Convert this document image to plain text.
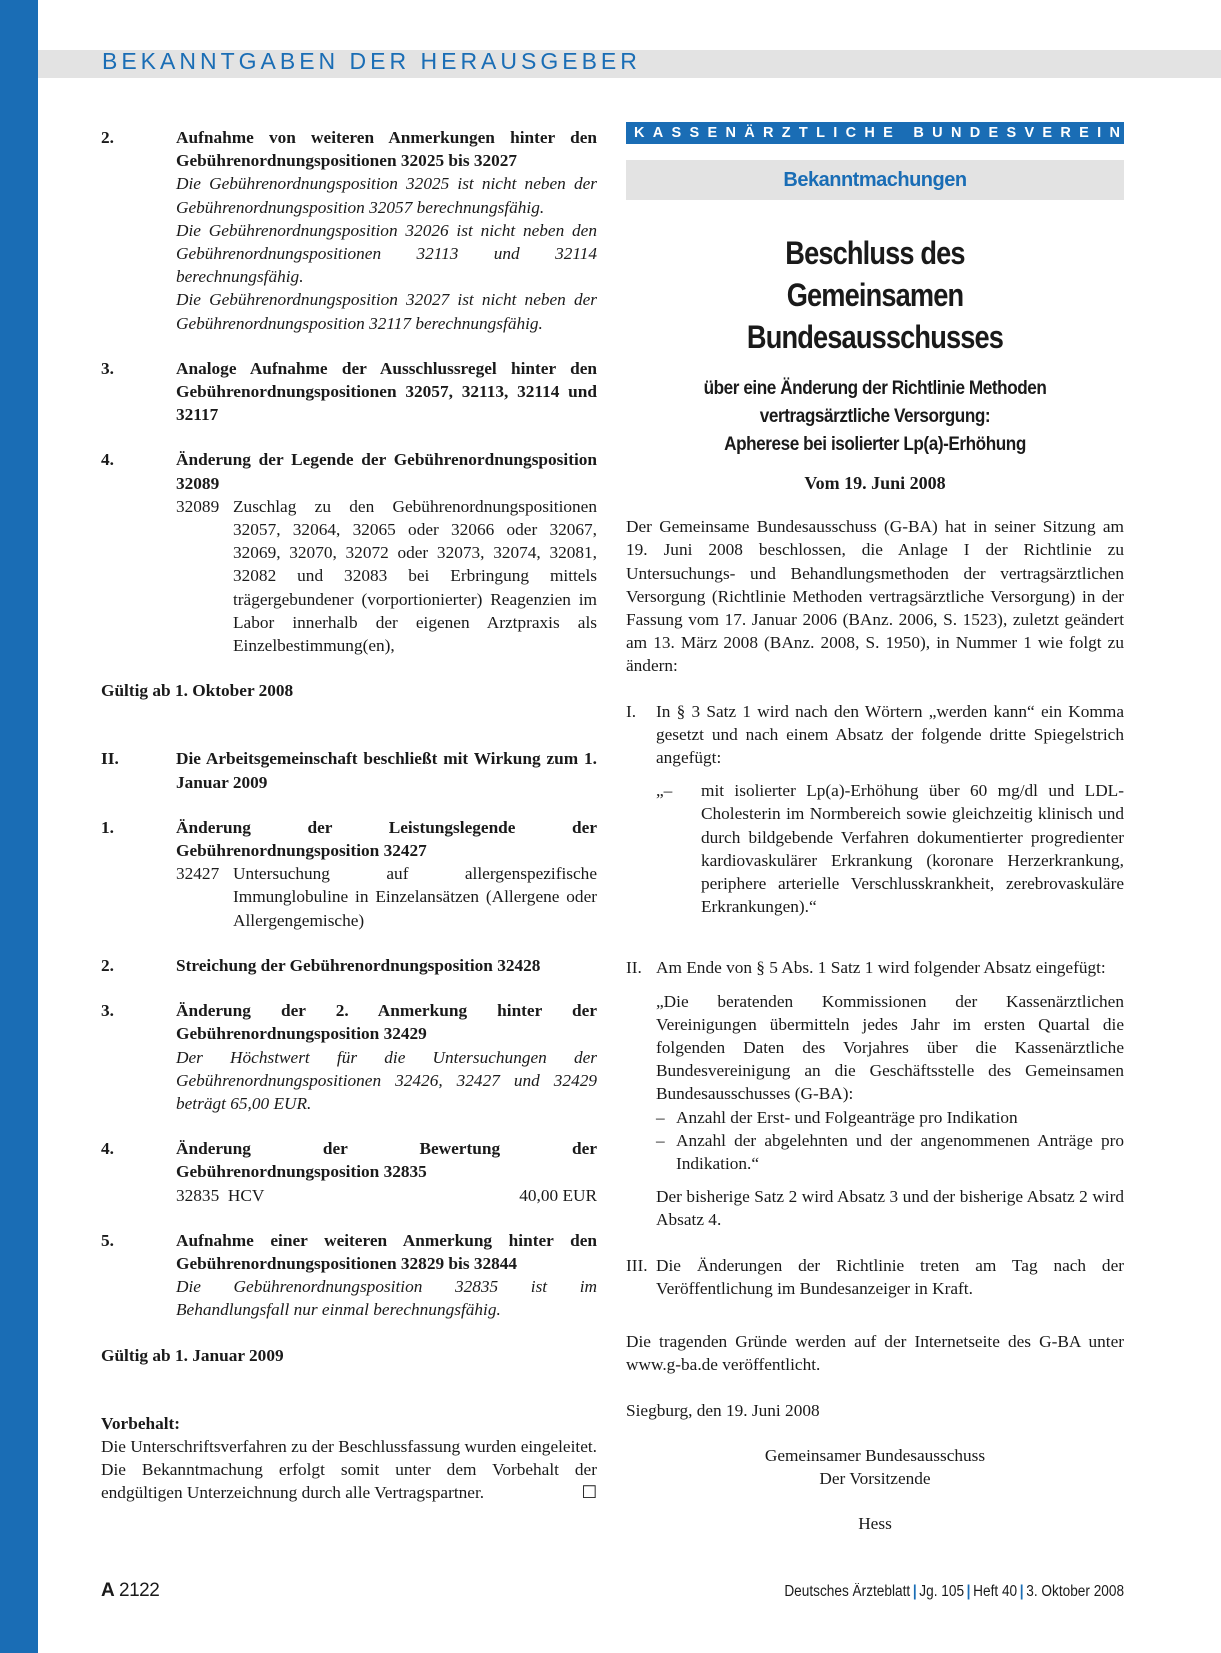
BEKANNTGABEN DER HERAUSGEBER
2.	Aufnahme von weiteren Anmerkungen hinter den Gebührenordnungspositionen 32025 bis 32027

Die Gebührenordnungsposition 32025 ist nicht neben der Gebührenordnungsposition 32057 berechnungsfähig.

Die Gebührenordnungsposition 32026 ist nicht neben den Gebührenordnungspositionen 32113 und 32114 berechnungsfähig.

Die Gebührenordnungsposition 32027 ist nicht neben der Gebührenordnungsposition 32117 berechnungsfähig.

3.	Analoge Aufnahme der Ausschlussregel hinter den Gebührenordnungspositionen 32057, 32113, 32114 und 32117

4.	Änderung der Legende der Gebührenordnungsposition 32089

32089 Zuschlag zu den Gebührenordnungspositionen 32057, 32064, 32065 oder 32066 oder 32067, 32069, 32070, 32072 oder 32073, 32074, 32081, 32082 und 32083 bei Erbringung mittels trägergebundener (vorportionierter) Reagenzien im Labor innerhalb der eigenen Arztpraxis als Einzelbestimmung(en),

Gültig ab 1. Oktober 2008

II.	Die Arbeitsgemeinschaft beschließt mit Wirkung zum 1. Januar 2009

1.	Änderung der Leistungslegende der Gebührenordnungsposition 32427

32427 Untersuchung auf allergenspezifische Immunglobuline in Einzelansätzen (Allergene oder Allergengemische)
2.	Streichung der Gebührenordnungsposition 32428

3.	Änderung der 2. Anmerkung hinter der Gebührenordnungsposition 32429

Der Höchstwert für die Untersuchungen der Gebührenordnungspositionen 32426, 32427 und 32429 beträgt 65,00 EUR.

4.	Änderung der Bewertung der Gebührenordnungsposition 32835

32835 HCV	40,00 EUR
5.	Aufnahme einer weiteren Anmerkung hinter den Gebührenordnungspositionen 32829 bis 32844

Die Gebührenordnungsposition 32835 ist im Behandlungsfall nur einmal berechnungsfähig.

Gültig ab 1. Januar 2009

Vorbehalt:

Die Unterschriftsverfahren zu der Beschlussfassung wurden eingeleitet. Die Bekanntmachung erfolgt somit unter dem Vorbehalt der endgültigen Unterzeichnung durch alle Vertragspartner.	☐

KASSENÄRZTLICHE BUNDESVEREINIGUNG
Bekanntmachungen
Beschluss des
Gemeinsamen Bundesausschusses
über eine Änderung der Richtlinie Methoden
vertragsärztliche Versorgung:
Apherese bei isolierter Lp(a)-Erhöhung
Vom 19. Juni 2008

Der Gemeinsame Bundesausschuss (G-BA) hat in seiner Sitzung am 19. Juni 2008 beschlossen, die Anlage I der Richtlinie zu Untersuchungs- und Behandlungsmethoden der vertragsärztlichen Versorgung (Richtlinie Methoden vertragsärztliche Versorgung) in der Fassung vom 17. Januar 2006 (BAnz. 2006, S. 1523), zuletzt geändert am 13. März 2008 (BAnz. 2008, S. 1950), in Nummer 1 wie folgt zu ändern:

I.	In § 3 Satz 1 wird nach den Wörtern „werden kann“ ein Komma gesetzt und nach einem Absatz der folgende dritte Spiegelstrich angefügt:
„–	mit isolierter Lp(a)-Erhöhung über 60 mg/dl und LDL-Cholesterin im Normbereich sowie gleichzeitig klinisch und durch bildgebende Verfahren dokumentierter progredienter kardiovaskulärer Erkrankung (koronare Herzerkrankung, periphere arterielle Verschlusskrankheit, zerebrovaskuläre Erkrankungen).“
II. Am Ende von § 5 Abs. 1 Satz 1 wird folgender Absatz eingefügt:

„Die beratenden Kommissionen der Kassenärztlichen Vereinigungen übermitteln jedes Jahr im ersten Quartal die folgenden Daten des Vorjahres über die Kassenärztliche Bundesvereinigung an die Geschäftsstelle des Gemeinsamen Bundesausschusses (G-BA):

– Anzahl der Erst- und Folgeanträge pro Indikation
– Anzahl der abgelehnten und der angenommenen Anträge pro Indikation.“

Der bisherige Satz 2 wird Absatz 3 und der bisherige Absatz 2 wird Absatz 4.

III. Die Änderungen der Richtlinie treten am Tag nach der Veröffentlichung im Bundesanzeiger in Kraft.

Die tragenden Gründe werden auf der Internetseite des G-BA unter www.g-ba.de veröffentlicht.

Siegburg, den 19. Juni 2008

Gemeinsamer Bundesausschuss
Der Vorsitzende
Hess
A 2122	Deutsches Ärzteblatt | Jg. 105 | Heft 40 | 3. Oktober 2008
